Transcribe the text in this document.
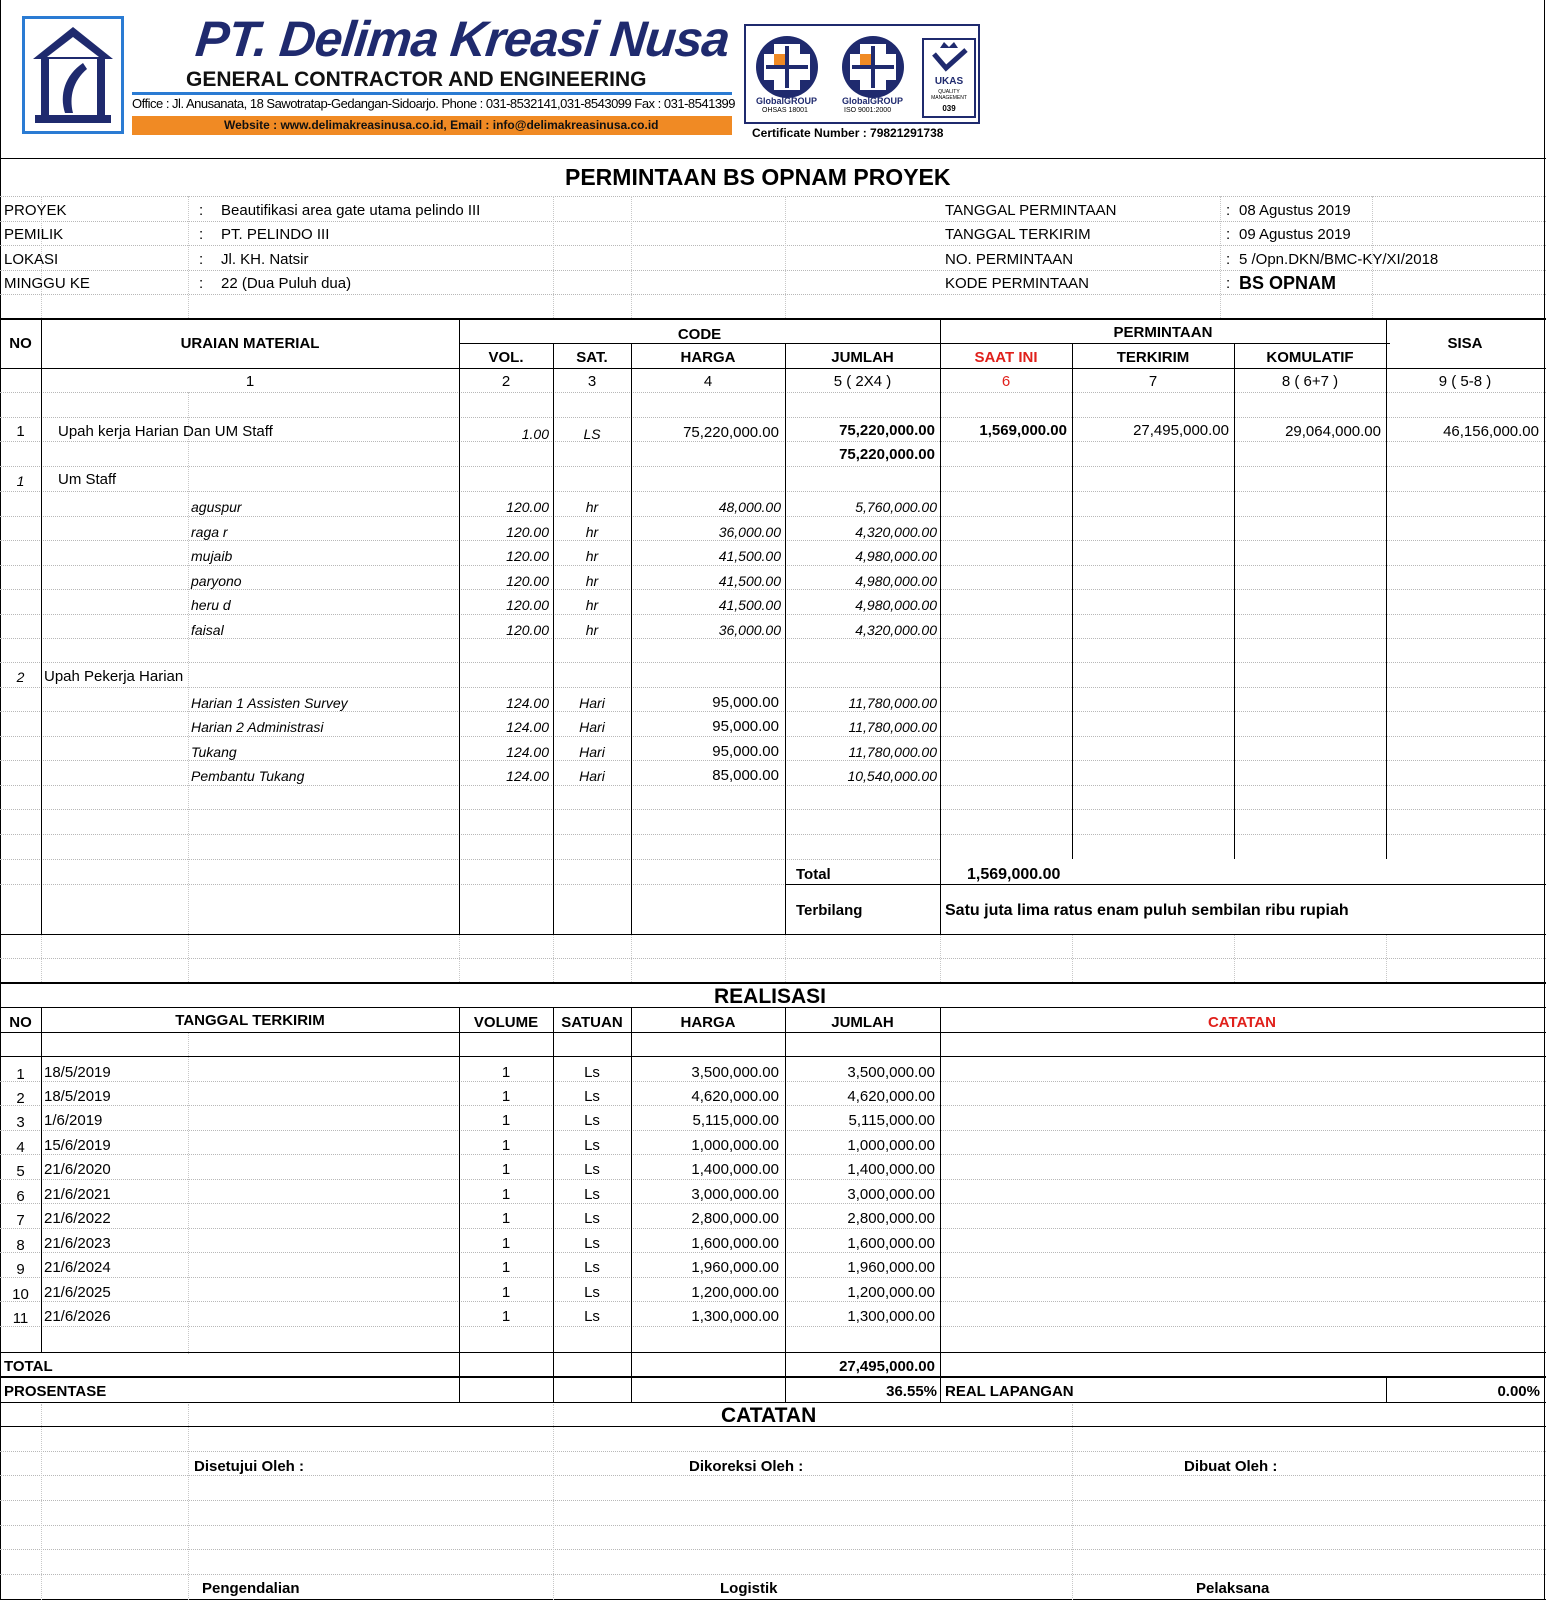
PT. Delima Kreasi Nusa
GENERAL CONTRACTOR AND ENGINEERING
Office : Jl. Anusanata, 18 Sawotratap-Gedangan-Sidoarjo. Phone : 031-8532141,031-8543099 Fax : 031-8541399
Website : www.delimakreasinusa.co.id, Email : info@delimakreasinusa.co.id
GlobalGROUP
OHSAS 18001
GlobalGROUP
ISO 9001:2000
UKAS
QUALITY MANAGEMENT
039
Certificate Number : 79821291738
PERMINTAAN BS OPNAM PROYEK
PROYEK	: Beautifikasi area gate utama pelindo III
PEMILIK	: PT. PELINDO III
LOKASI	: Jl. KH. Natsir
MINGGU KE	: 22 (Dua Puluh dua)
TANGGAL PERMINTAAN	: 08 Agustus 2019
TANGGAL TERKIRIM	: 09 Agustus 2019
NO. PERMINTAAN	: 5 /Opn.DKN/BMC-KY/XI/2018
KODE PERMINTAAN	: BS OPNAM
NO	URAIAN MATERIAL
CODE
VOL.	SAT.	HARGA	JUMLAH
PERMINTAAN
SAAT INI	TERKIRIM	KOMULATIF
SISA
1	2	3	4	5 ( 2X4 )	6	7	8 ( 6+7 )	9 ( 5-8 )
1	Upah kerja Harian Dan UM Staff	1.00	LS	75,220,000.00	75,220,000.00	1,569,000.00	27,495,000.00	29,064,000.00	46,156,000.00
75,220,000.00
1	Um Staff
aguspur	120.00	hr	48,000.00	5,760,000.00
raga r	120.00	hr	36,000.00	4,320,000.00
mujaib	120.00	hr	41,500.00	4,980,000.00
paryono	120.00	hr	41,500.00	4,980,000.00
heru d	120.00	hr	41,500.00	4,980,000.00
faisal	120.00	hr	36,000.00	4,320,000.00
2	Upah Pekerja Harian
Harian 1 Assisten Survey	124.00	Hari	95,000.00	11,780,000.00
Harian 2 Administrasi	124.00	Hari	95,000.00	11,780,000.00
Tukang	124.00	Hari	95,000.00	11,780,000.00
Pembantu Tukang	124.00	Hari	85,000.00	10,540,000.00
Total	1,569,000.00
Terbilang	Satu juta lima ratus enam puluh sembilan ribu rupiah
REALISASI
NO	TANGGAL TERKIRIM	VOLUME	SATUAN	HARGA	JUMLAH	CATATAN
1	18/5/2019	1	Ls	3,500,000.00	3,500,000.00
2	18/5/2019	1	Ls	4,620,000.00	4,620,000.00
3	1/6/2019	1	Ls	5,115,000.00	5,115,000.00
4	15/6/2019	1	Ls	1,000,000.00	1,000,000.00
5	21/6/2020	1	Ls	1,400,000.00	1,400,000.00
6	21/6/2021	1	Ls	3,000,000.00	3,000,000.00
7	21/6/2022	1	Ls	2,800,000.00	2,800,000.00
8	21/6/2023	1	Ls	1,600,000.00	1,600,000.00
9	21/6/2024	1	Ls	1,960,000.00	1,960,000.00
10	21/6/2025	1	Ls	1,200,000.00	1,200,000.00
11	21/6/2026	1	Ls	1,300,000.00	1,300,000.00
TOTAL	27,495,000.00
PROSENTASE	36.55% REAL LAPANGAN	0.00%
CATATAN
Disetujui Oleh :
Pengendalian
Dikoreksi Oleh :
Logistik
Dibuat Oleh :
Pelaksana
